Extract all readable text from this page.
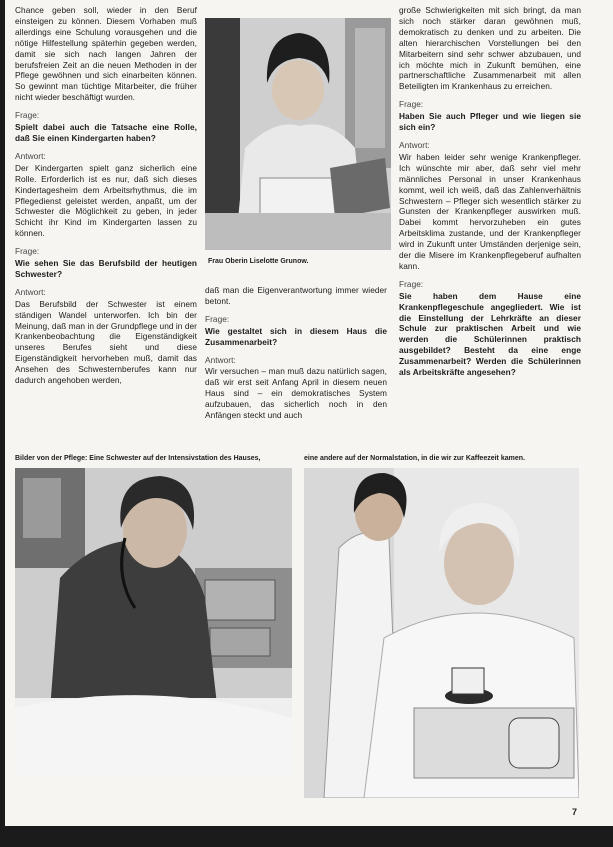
Chance geben soll, wieder in den Beruf einsteigen zu können. Diesem Vorhaben muß allerdings eine Schulung vorausgehen und die nötige Hilfestellung späterhin gegeben werden, damit sie sich nach langen Jahren der berufsfreien Zeit an die neuen Methoden in der Pflege gewöhnen und sich einarbeiten können. So gewinnt man tüchtige Mitarbeiter, die früher nicht wieder beschäftigt wurden.

Frage:

Spielt dabei auch die Tatsache eine Rolle, daß Sie einen Kindergarten haben?

Antwort:

Der Kindergarten spielt ganz sicherlich eine Rolle. Erforderlich ist es nur, daß sich dieses Kindertagesheim dem Arbeitsrhythmus, die im Pflegedienst geleistet werden, anpaßt, um der Schwester die Möglichkeit zu geben, in jeder Schicht ihr Kind im Kindergarten lassen zu können.

Frage:

Wie sehen Sie das Berufsbild der heutigen Schwester?

Antwort:

Das Berufsbild der Schwester ist einem ständigen Wandel unterworfen. Ich bin der Meinung, daß man in der Grundpflege und in der Krankenbeobachtung die Eigenständigkeit unseres Berufes sieht und diese Eigenständigkeit hervorheben muß, damit das Ansehen des Schwesternberufes kann nur dadurch angehoben werden,

Frau Oberin Liselotte Grunow.

daß man die Eigenverantwortung immer wieder betont.

Frage:

Wie gestaltet sich in diesem Haus die Zusammenarbeit?

Antwort:

Wir versuchen – man muß dazu natürlich sagen, daß wir erst seit Anfang April in diesem neuen Haus sind – ein demokratisches System aufzubauen, das sicherlich noch in den Anfängen steckt und auch

große Schwierigkeiten mit sich bringt, da man sich noch stärker daran gewöhnen muß, demokratisch zu denken und zu arbeiten. Die alten hierarchischen Vorstellungen bei den Mitarbeitern sind sehr schwer abzubauen, und ich möchte mich in Zukunft bemühen, eine partnerschaftliche Zusammenarbeit mit allen Beteiligten im Krankenhaus zu erreichen.

Frage:

Haben Sie auch Pfleger und wie liegen sie sich ein?

Antwort:

Wir haben leider sehr wenige Krankenpfleger. Ich wünschte mir aber, daß sehr viel mehr männliches Personal in unser Krankenhaus kommt, weil ich weiß, daß das Zahlenverhältnis Schwestern – Pfleger sich wesentlich stärker zu Gunsten der Krankenpfleger auswirken muß. Dabei kommt hervorzuheben ein gutes Arbeitsklima zustande, und der Krankenpfleger wird in Zukunft unter Umständen derjenige sein, der die Misere im Krankenpflegeberuf aufhalten kann.

Frage:

Sie haben dem Hause eine Krankenpflegeschule angegliedert. Wie ist die Einstellung der Lehrkräfte an dieser Schule zur praktischen Arbeit und wie werden die Schülerinnen praktisch ausgebildet? Besteht da eine enge Zusammenarbeit? Werden die Schülerinnen als Arbeitskräfte angesehen?

Bilder von der Pflege: Eine Schwester auf der Intensivstation des Hauses,	eine andere auf der Normalstation, in die wir zur Kaffeezeit kamen.
7
